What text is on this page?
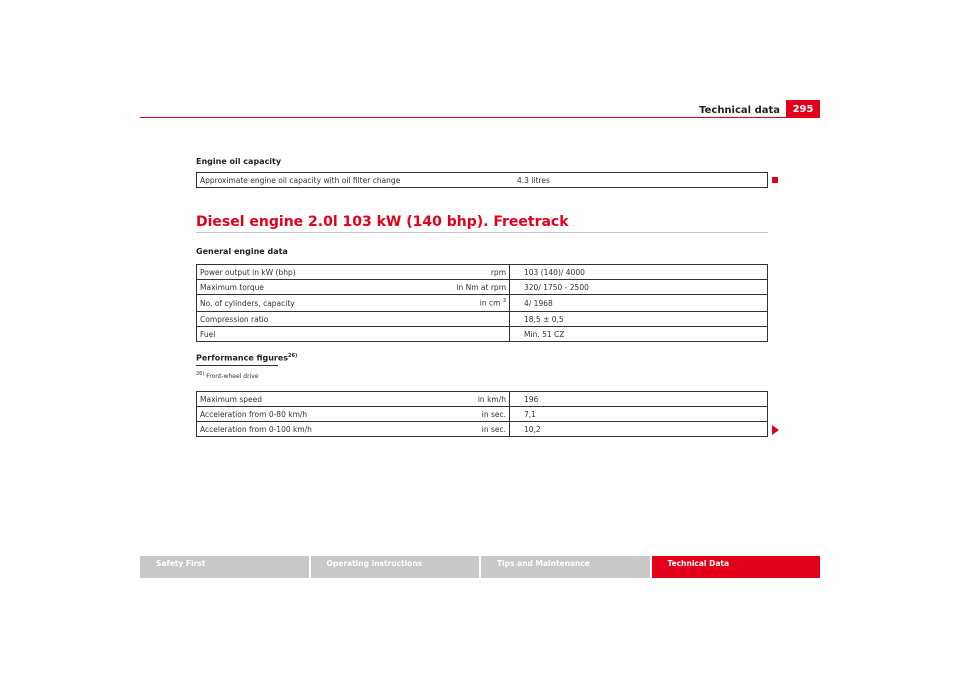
Technical data	295
Engine oil capacity
Approximate engine oil capacity with oil filter change	4.3 litres
Diesel engine 2.0l 103 kW (140 bhp). Freetrack
General engine data
Power output in kW (bhp)	rpm	103 (140)/ 4000
Maximum torque	in Nm at rpm	320/ 1750 - 2500
No. of cylinders, capacity	in cm $^3$	4/ 1968
Compression ratio		18,5 ± 0,5
Fuel		Min. 51 CZ
Performance figures$^{26)}$
$^{26)}$ Front-wheel drive
Maximum speed	in km/h	196
Acceleration from 0-80 km/h	in sec.	7,1
Acceleration from 0-100 km/h	in sec.	10,2
Safety First	Operating instructions	Tips and Maintenance	Technical Data
